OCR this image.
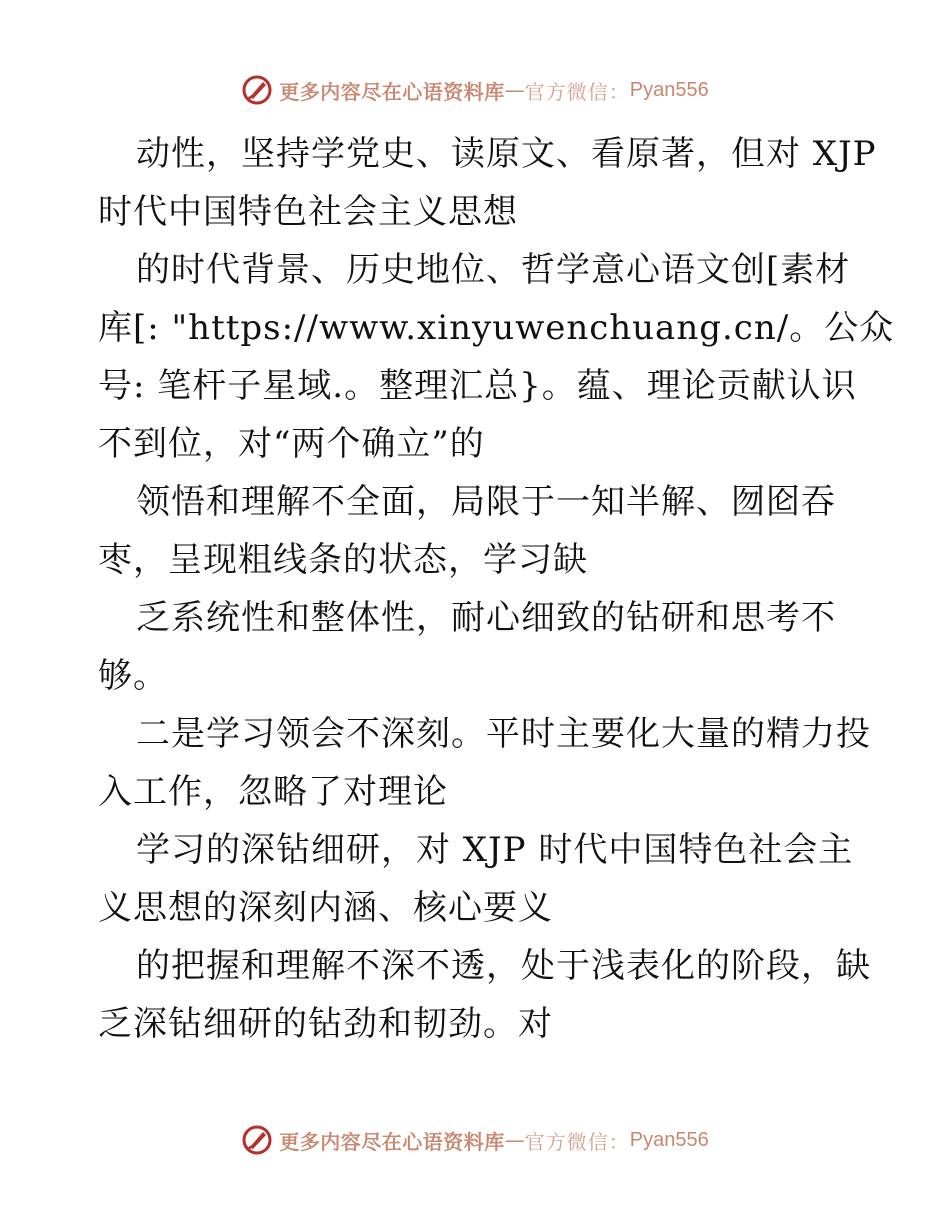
更多内容尽在心语资料库 — 官方微信： Pyan556

动性，坚持学党史、读原文、看原著，但对 XJP

时代中国特色社会主义思想

的时代背景、历史地位、哲学意心语文创[素材

库[: "https://www.xinyuwenchuang.cn/。公众

号: 笔杆子星域.。整理汇总}。蕴、理论贡献认识

不到位，对“两个确立”的

领悟和理解不全面，局限于一知半解、囫囵吞

枣，呈现粗线条的状态，学习缺

乏系统性和整体性，耐心细致的钻研和思考不

够。

二是学习领会不深刻。平时主要化大量的精力投

入工作，忽略了对理论

学习的深钻细研，对 XJP 时代中国特色社会主

义思想的深刻内涵、核心要义

的把握和理解不深不透，处于浅表化的阶段，缺

乏深钻细研的钻劲和韧劲。对

更多内容尽在心语资料库 — 官方微信： Pyan556
